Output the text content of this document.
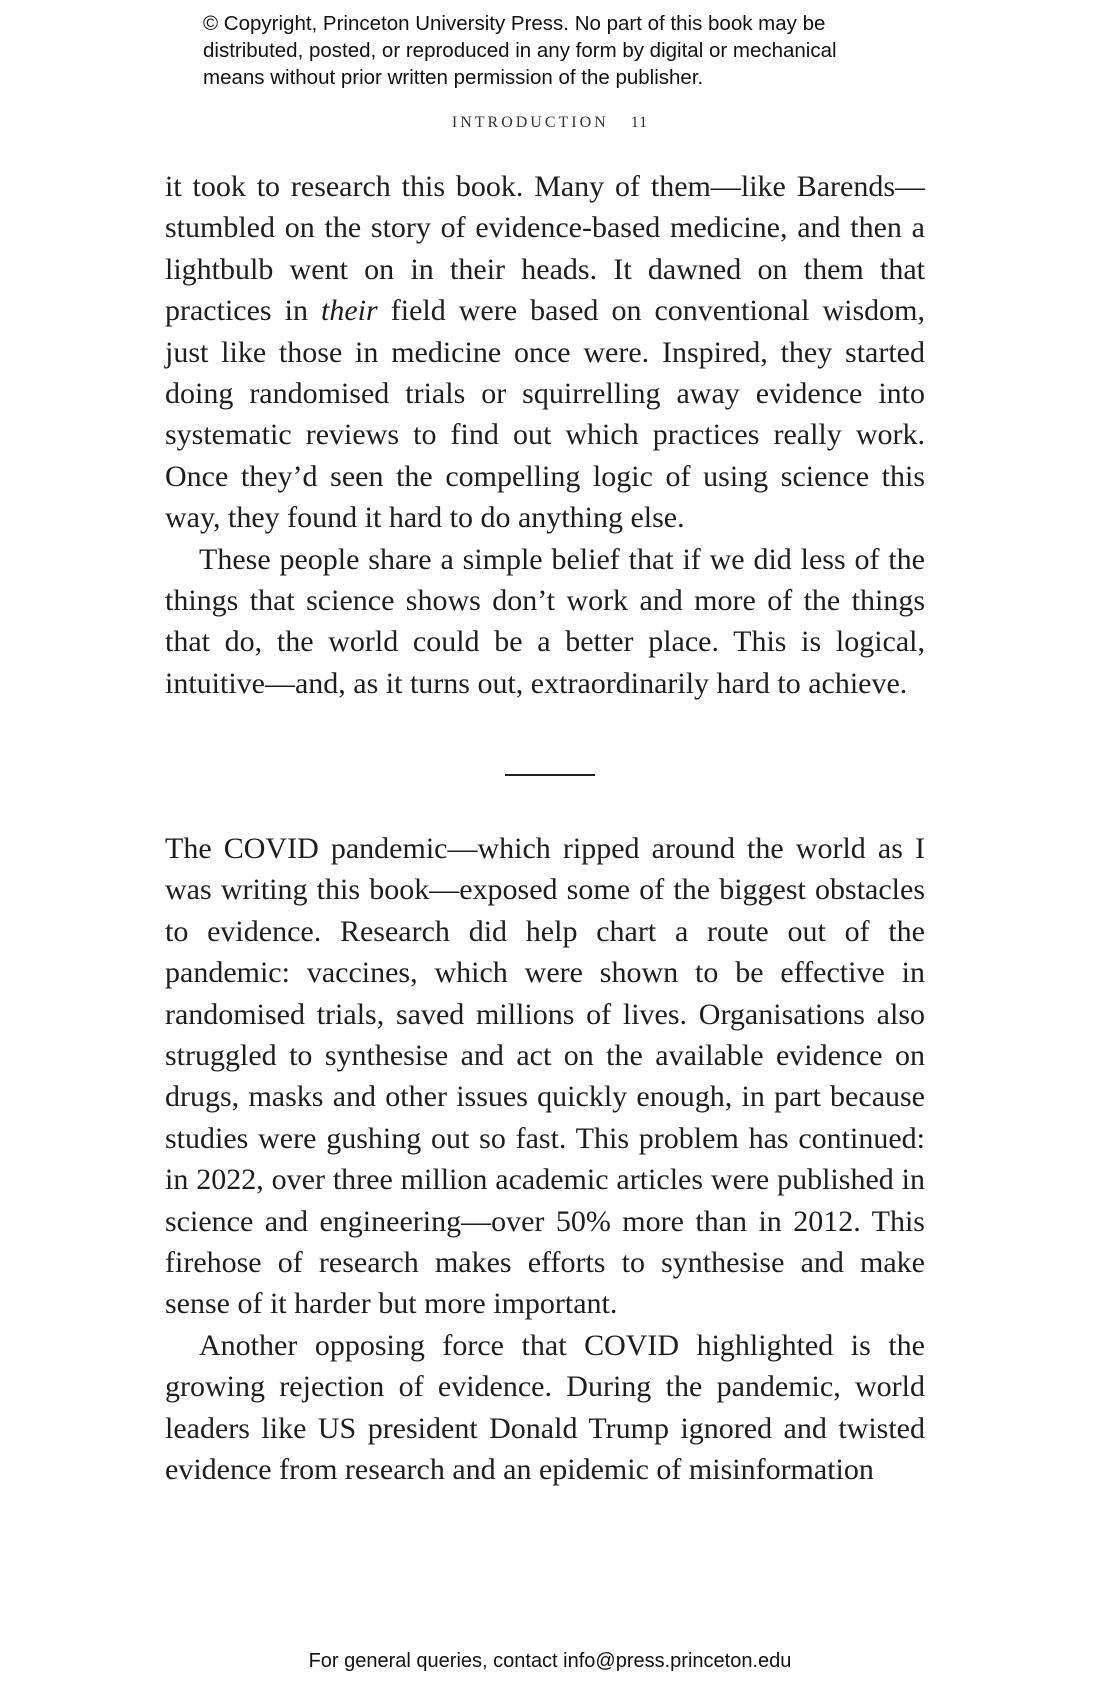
© Copyright, Princeton University Press. No part of this book may be
distributed, posted, or reproduced in any form by digital or mechanical
means without prior written permission of the publisher.
INTRODUCTION 11

it took to research this book. Many of them—like Barends—stumbled on the story of evidence-based medicine, and then a lightbulb went on in their heads. It dawned on them that practices in their field were based on conventional wisdom, just like those in medicine once were. Inspired, they started doing randomised trials or squirrelling away evidence into systematic reviews to find out which practices really work. Once they’d seen the compelling logic of using science this way, they found it hard to do anything else.

These people share a simple belief that if we did less of the things that science shows don’t work and more of the things that do, the world could be a better place. This is logical, intuitive—and, as it turns out, extraordinarily hard to achieve.

The COVID pandemic—which ripped around the world as I was writing this book—exposed some of the biggest obstacles to evidence. Research did help chart a route out of the pandemic: vaccines, which were shown to be effective in randomised trials, saved millions of lives. Organisations also struggled to synthesise and act on the available evidence on drugs, masks and other issues quickly enough, in part because studies were gushing out so fast. This problem has continued: in 2022, over three million academic articles were published in science and engineering—over 50% more than in 2012. This firehose of research makes efforts to synthesise and make sense of it harder but more important.

Another opposing force that COVID highlighted is the growing rejection of evidence. During the pandemic, world leaders like US president Donald Trump ignored and twisted evidence from research and an epidemic of misinformation

For general queries, contact info@press.princeton.edu
